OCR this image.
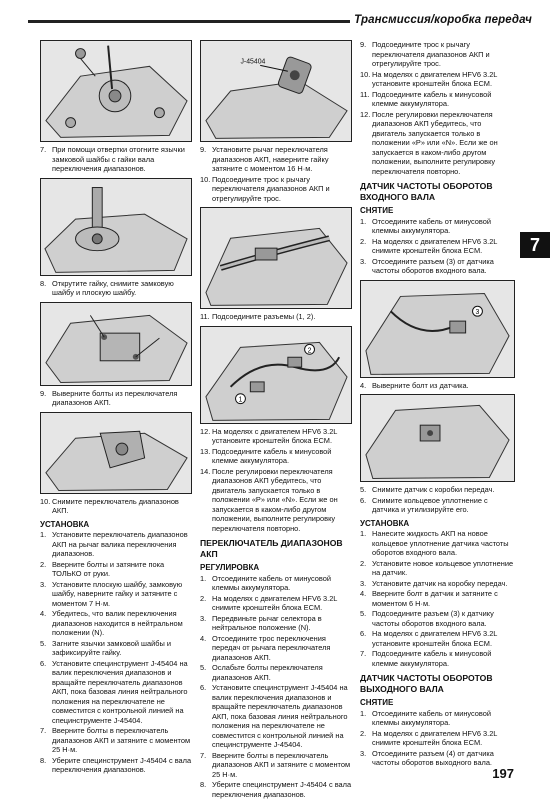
Трансмиссия/коробка передач
7
7. При помощи отвертки отогните язычки замковой шайбы с гайки вала переключения диапазонов.
8. Открутите гайку, снимите замковую шайбу и плоскую шайбу.
9. Выверните болты из переключателя диапазонов АКП.
10. Снимите переключатель диапазонов АКП.
УСТАНОВКА
1. Установите переключатель диапазонов АКП на рычаг валика переключения диапазонов.
2. Вверните болты и затяните пока ТОЛЬКО от руки.
3. Установите плоскую шайбу, замковую шайбу, наверните гайку и затяните с моментом 7 Н·м.
4. Убедитесь, что валик переключения диапазонов находится в нейтральном положении (N).
5. Загните язычки замковой шайбы и зафиксируйте гайку.
6. Установите специнструмент J-45404 на валик переключения диапазонов и вращайте переключатель диапазонов АКП, пока базовая линия нейтрального положения на переключателе не совместится с контрольной линией на специнструменте J-45404.
7. Вверните болты в переключатель диапазонов АКП и затяните с моментом 25 Н·м.
8. Уберите специнструмент J-45404 с вала переключения диапазонов.
J-45404
9. Установите рычаг переключателя диапазонов АКП, наверните гайку затяните с моментом 16 Н·м.
10. Подсоедините трос к рычагу переключателя диапазонов АКП и отрегулируйте трос.
11. Подсоедините разъемы (1, 2).
1
2
12. На моделях с двигателем HFV6 3.2L установите кронштейн блока ECM.
13. Подсоедините кабель к минусовой клемме аккумулятора.
14. После регулировки переключателя диапазонов АКП убедитесь, что двигатель запускается только в положении «P» или «N». Если же он запускается в каком-либо другом положении, выполните регулировку переключателя повторно.
ПЕРЕКЛЮЧАТЕЛЬ ДИАПАЗОНОВ АКП
РЕГУЛИРОВКА
1. Отсоедините кабель от минусовой клеммы аккумулятора.
2. На моделях с двигателем HFV6 3.2L снимите кронштейн блока ECM.
3. Передвиньте рычаг селектора в нейтральное положение (N).
4. Отсоедините трос переключения передач от рычага переключателя диапазонов АКП.
5. Ослабьте болты переключателя диапазонов АКП.
6. Установите специнструмент J-45404 на валик переключения диапазонов и вращайте переключатель диапазонов АКП, пока базовая линия нейтрального положения на переключателе не совместится с контрольной линией на специнструменте J-45404.
7. Вверните болты в переключатель диапазонов АКП и затяните с моментом 25 Н·м.
8. Уберите специнструмент J-45404 с вала переключения диапазонов.
9. Подсоедините трос к рычагу переключателя диапазонов АКП и отрегулируйте трос.
10. На моделях с двигателем HFV6 3.2L установите кронштейн блока ECM.
11. Подсоедините кабель к минусовой клемме аккумулятора.
12. После регулировки переключателя диапазонов АКП убедитесь, что двигатель запускается только в положении «P» или «N». Если же он запускается в каком-либо другом положении, выполните регулировку переключателя повторно.
ДАТЧИК ЧАСТОТЫ ОБОРОТОВ ВХОДНОГО ВАЛА
СНЯТИЕ
1. Отсоедините кабель от минусовой клеммы аккумулятора.
2. На моделях с двигателем HFV6 3.2L снимите кронштейн блока ECM.
3. Отсоедините разъем (3) от датчика частоты оборотов входного вала.
3
4. Выверните болт из датчика.
5. Снимите датчик с коробки передач.
6. Снимите кольцевое уплотнение с датчика и утилизируйте его.
УСТАНОВКА
1. Нанесите жидкость АКП на новое кольцевое уплотнение датчика частоты оборотов входного вала.
2. Установите новое кольцевое уплотнение на датчик.
3. Установите датчик на коробку передач.
4. Вверните болт в датчик и затяните с моментом 6 Н·м.
5. Подсоедините разъем (3) к датчику частоты оборотов входного вала.
6. На моделях с двигателем HFV6 3.2L установите кронштейн блока ECM.
7. Подсоедините кабель к минусовой клемме аккумулятора.
ДАТЧИК ЧАСТОТЫ ОБОРОТОВ ВЫХОДНОГО ВАЛА
СНЯТИЕ
1. Отсоедините кабель от минусовой клеммы аккумулятора.
2. На моделях с двигателем HFV6 3.2L снимите кронштейн блока ECM.
3. Отсоедините разъем (4) от датчика частоты оборотов выходного вала.
197
